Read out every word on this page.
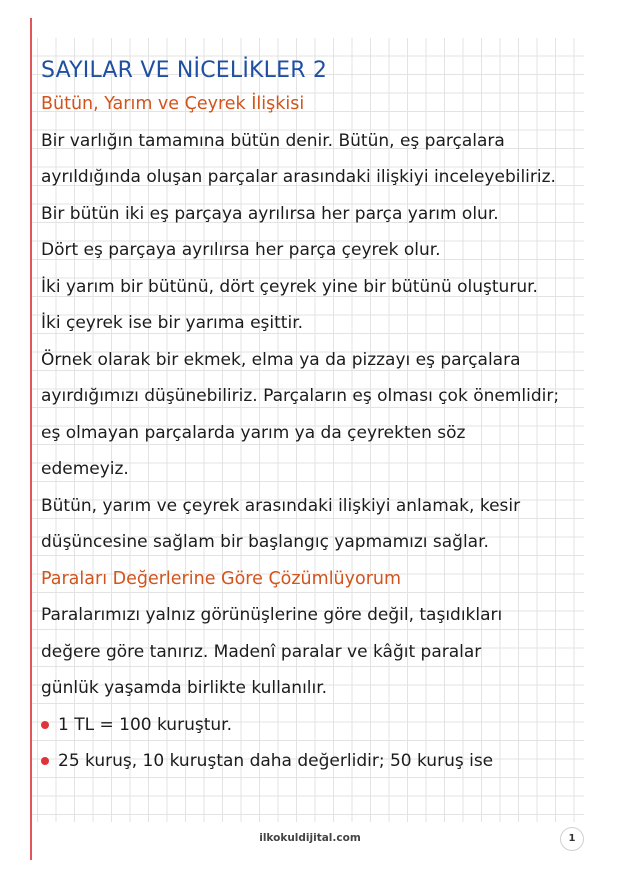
SAYILAR VE NİCELİKLER 2
Bütün, Yarım ve Çeyrek İlişkisi
Bir varlığın tamamına bütün denir. Bütün, eş parçalara
ayrıldığında oluşan parçalar arasındaki ilişkiyi inceleyebiliriz.
Bir bütün iki eş parçaya ayrılırsa her parça yarım olur.
Dört eş parçaya ayrılırsa her parça çeyrek olur.
İki yarım bir bütünü, dört çeyrek yine bir bütünü oluşturur.
İki çeyrek ise bir yarıma eşittir.
Örnek olarak bir ekmek, elma ya da pizzayı eş parçalara
ayırdığımızı düşünebiliriz. Parçaların eş olması çok önemlidir;
eş olmayan parçalarda yarım ya da çeyrekten söz
edemeyiz.
Bütün, yarım ve çeyrek arasındaki ilişkiyi anlamak, kesir
düşüncesine sağlam bir başlangıç yapmamızı sağlar.
Paraları Değerlerine Göre Çözümlüyorum
Paralarımızı yalnız görünüşlerine göre değil, taşıdıkları
değere göre tanırız. Madenî paralar ve kâğıt paralar
günlük yaşamda birlikte kullanılır.
1 TL = 100 kuruştur.
25 kuruş, 10 kuruştan daha değerlidir; 50 kuruş ise
ilkokuldijital.com	1
